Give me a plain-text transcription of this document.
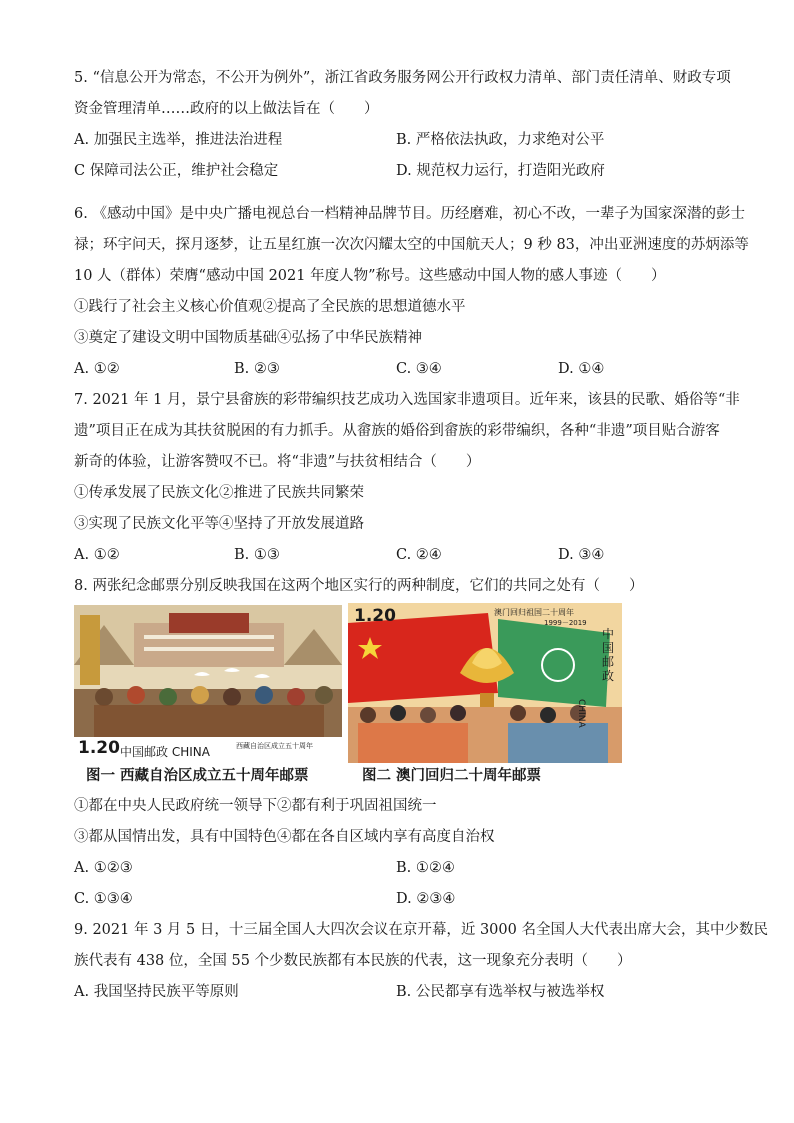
5. “信息公开为常态，不公开为例外”，浙江省政务服务网公开行政权力清单、部门责任清单、财政专项
资金管理清单……政府的以上做法旨在（　　）
A. 加强民主选举，推进法治进程	B. 严格依法执政，力求绝对公平
C 保障司法公正，维护社会稳定	D. 规范权力运行，打造阳光政府
6. 《感动中国》是中央广播电视总台一档精神品牌节目。历经磨难，初心不改，一辈子为国家深潜的彭士
禄；环宇问天，探月逐梦，让五星红旗一次次闪耀太空的中国航天人；9 秒 83，冲出亚洲速度的苏炳添等
10 人（群体）荣膺“感动中国 2021 年度人物”称号。这些感动中国人物的感人事迹（　　）
①践行了社会主义核心价值观②提高了全民族的思想道德水平
③奠定了建设文明中国物质基础④弘扬了中华民族精神
A. ①②	B. ②③	C. ③④	D. ①④
7. 2021 年 1 月，景宁县畲族的彩带编织技艺成功入选国家非遗项目。近年来，该县的民歌、婚俗等“非
遗”项目正在成为其扶贫脱困的有力抓手。从畲族的婚俗到畲族的彩带编织，各种“非遗”项目贴合游客
新奇的体验，让游客赞叹不已。将“非遗”与扶贫相结合（　　）
①传承发展了民族文化②推进了民族共同繁荣
③实现了民族文化平等④坚持了开放发展道路
A. ①②	B. ①③	C. ②④	D. ③④
8. 两张纪念邮票分别反映我国在这两个地区实行的两种制度，它们的共同之处有（　　）
1.20 中国邮政 CHINA	西藏自治区成立五十周年
1.20	澳门回归祖国二十周年
1999－2019
中国邮政
CHINA
图一 西藏自治区成立五十周年邮票	图二 澳门回归二十周年邮票
①都在中央人民政府统一领导下②都有利于巩固祖国统一
③都从国情出发，具有中国特色④都在各自区域内享有高度自治权
A. ①②③	B. ①②④
C. ①③④	D. ②③④
9. 2021 年 3 月 5 日，十三届全国人大四次会议在京开幕，近 3000 名全国人大代表出席大会，其中少数民
族代表有 438 位，全国 55 个少数民族都有本民族的代表，这一现象充分表明（　　）
A. 我国坚持民族平等原则	B. 公民都享有选举权与被选举权
